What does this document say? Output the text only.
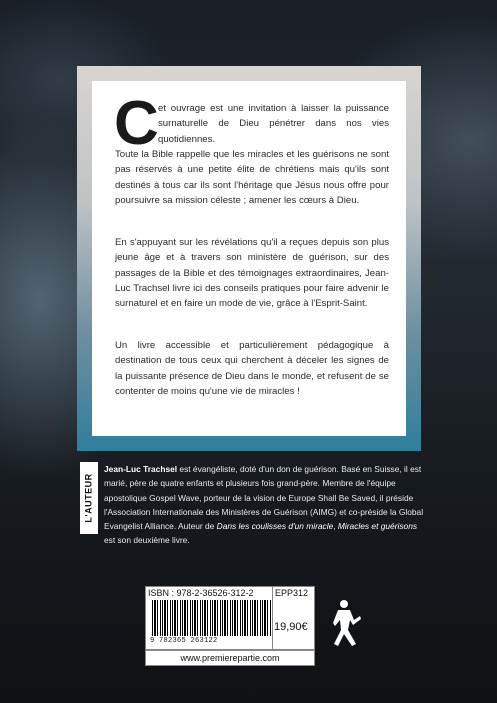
C et ouvrage est une invitation à laisser la puissance surnaturelle de Dieu pénétrer dans nos vies quotidiennes.

Toute la Bible rappelle que les miracles et les guérisons ne sont pas réservés à une petite élite de chrétiens mais qu'ils sont destinés à tous car ils sont l'héritage que Jésus nous offre pour poursuivre sa mission céleste ; amener les cœurs à Dieu.

En s'appuyant sur les révélations qu'il a reçues depuis son plus jeune âge et à travers son ministère de guérison, sur des passages de la Bible et des témoignages extraordinaires, Jean-Luc Trachsel livre ici des conseils pratiques pour faire advenir le surnaturel et en faire un mode de vie, grâce à l'Esprit-Saint.

Un livre accessible et particulièrement pédagogique à destination de tous ceux qui cherchent à déceler les signes de la puissante présence de Dieu dans le monde, et refusent de se contenter de moins qu'une vie de miracles !

L'AUTEUR

Jean-Luc Trachsel est évangéliste, doté d'un don de guérison. Basé en Suisse, il est marié, père de quatre enfants et plusieurs fois grand-père. Membre de l'équipe apostolique Gospel Wave, porteur de la vision de Europe Shall Be Saved, il préside l'Association Internationale des Ministères de Guérison (AIMG) et co-préside la Global Evangelist Alliance. Auteur de Dans les coulisses d'un miracle, Miracles et guérisons est son deuxième livre.

ISBN : 978-2-36526-312-2
9 782365 263122
EPP312
19,90€
www.premierepartie.com
